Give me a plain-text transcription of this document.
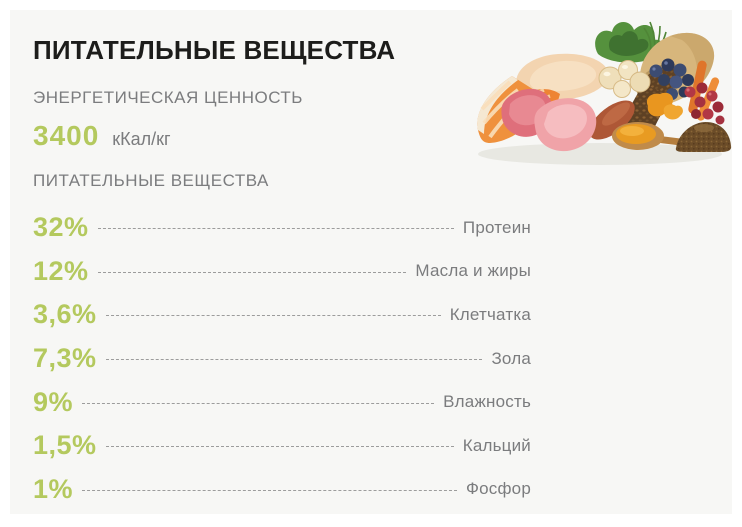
ПИТАТЕЛЬНЫЕ ВЕЩЕСТВА
ЭНЕРГЕТИЧЕСКАЯ ЦЕННОСТЬ
3400 кКал/кг
ПИТАТЕЛЬНЫЕ ВЕЩЕСТВА
32%	Протеин
12%	Масла и жиры
3,6%	Клетчатка
7,3%	Зола
9%	Влажность
1,5%	Кальций
1%	Фосфор
